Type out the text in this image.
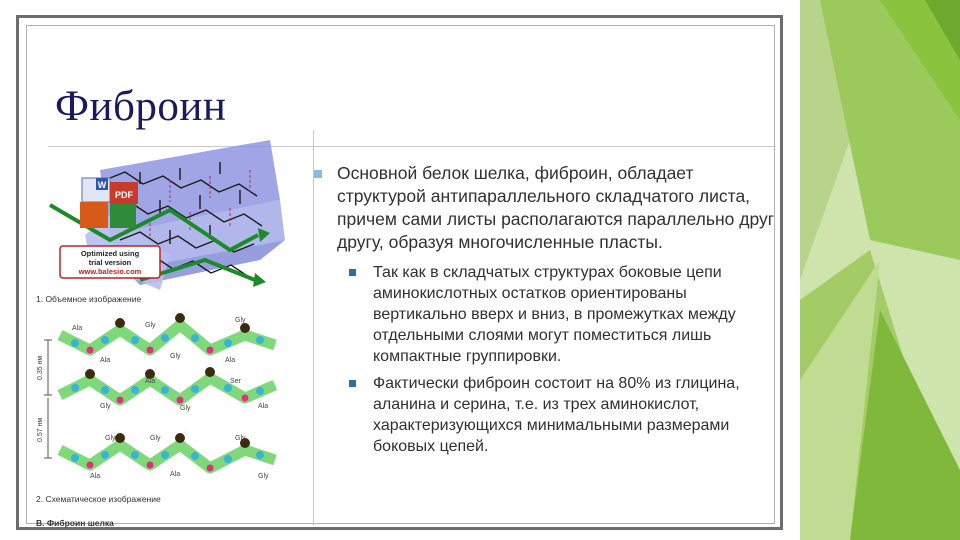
Фиброин
PDF
W
Optimized using
trial version
www.balesio.com
1. Объемное изображение
Gly
Ala
Gly
Gly
Ala
Ala
Ala
Gly	Gly
Ser
Ala
Gly	Gly
Ala
Gly
Ala	Gly
0.35 нм
0.57 нм
2. Схематическое изображение
В. Фиброин шелка
Основной белок шелка, фиброин, обладает структурой антипараллельного складчатого листа, причем сами листы располагаются параллельно друг другу, образуя многочисленные пласты.
Так как в складчатых структурах боковые цепи аминокислотных остатков ориентированы вертикально вверх и вниз, в промежутках между отдельными слоями могут поместиться лишь компактные группировки.
Фактически фиброин состоит на 80% из глицина, аланина и серина, т.е. из трех аминокислот, характеризующихся минимальными размерами боковых цепей.
